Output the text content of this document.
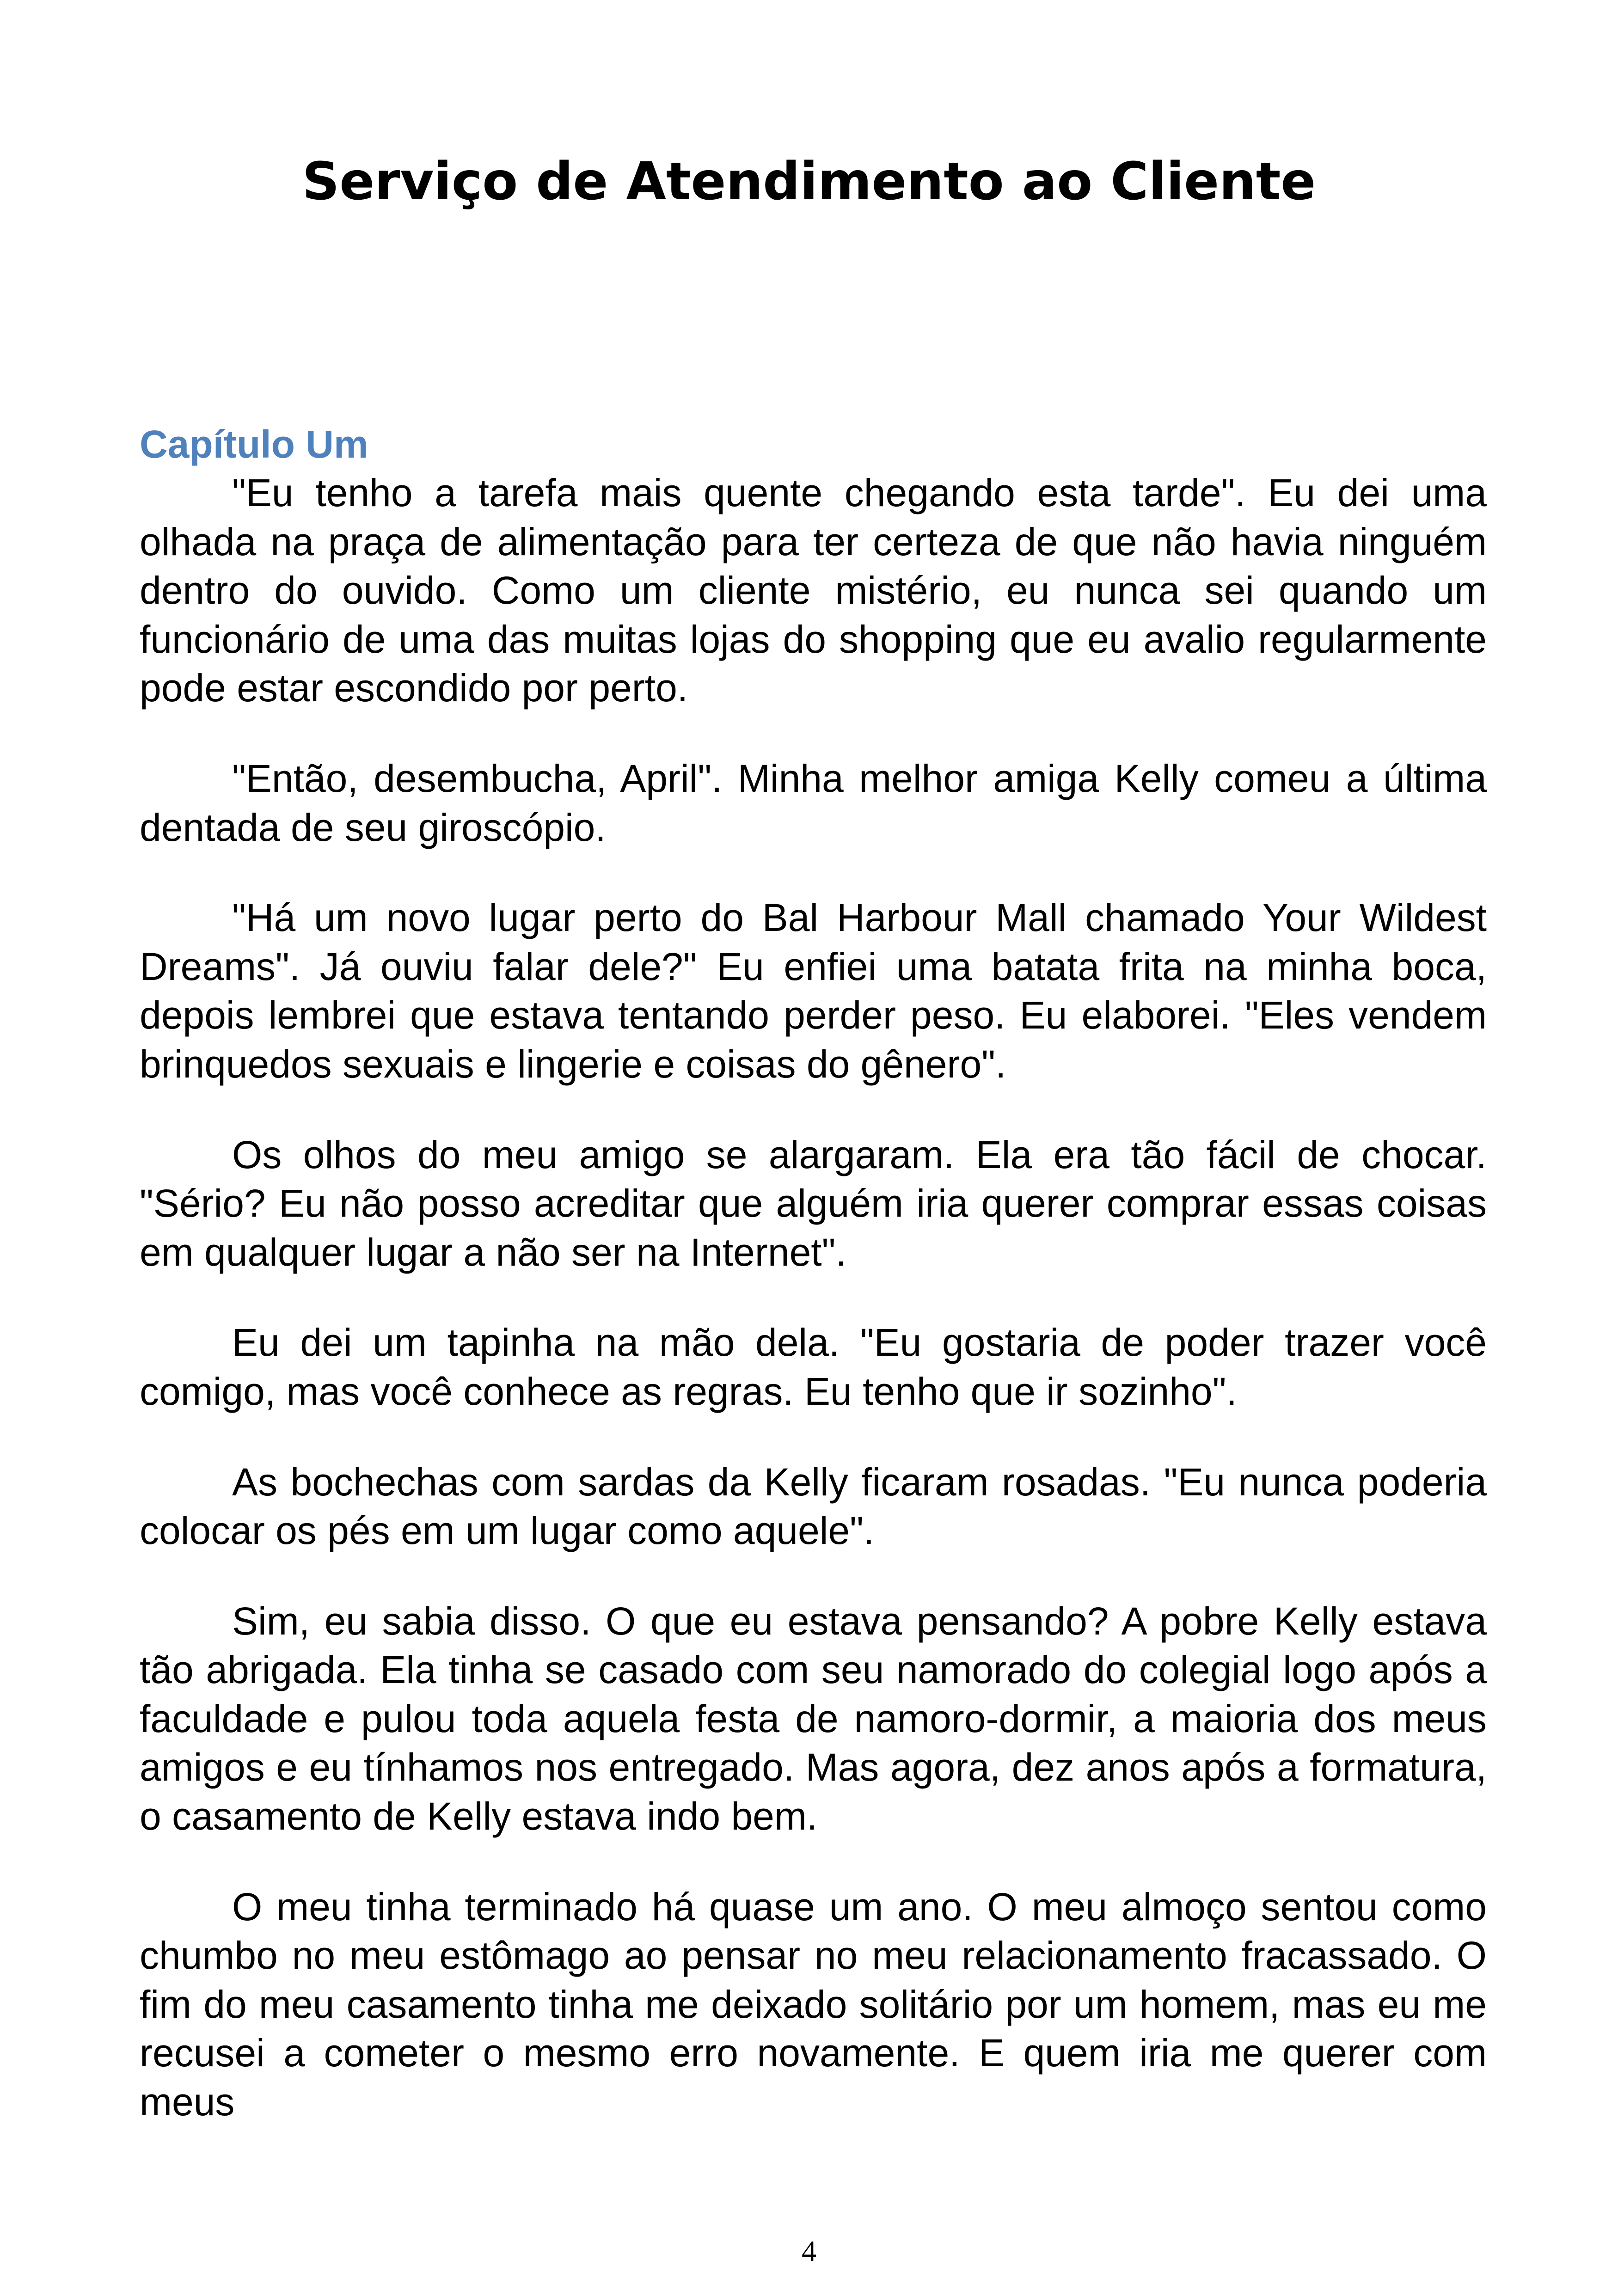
Serviço de Atendimento ao Cliente
Capítulo Um

"Eu tenho a tarefa mais quente chegando esta tarde". Eu dei uma olhada na praça de alimentação para ter certeza de que não havia ninguém dentro do ouvido. Como um cliente mistério, eu nunca sei quando um funcionário de uma das muitas lojas do shopping que eu avalio regularmente pode estar escondido por perto.

"Então, desembucha, April". Minha melhor amiga Kelly comeu a última dentada de seu giroscópio.

"Há um novo lugar perto do Bal Harbour Mall chamado Your Wildest Dreams". Já ouviu falar dele?" Eu enfiei uma batata frita na minha boca, depois lembrei que estava tentando perder peso. Eu elaborei. "Eles vendem brinquedos sexuais e lingerie e coisas do gênero".

Os olhos do meu amigo se alargaram. Ela era tão fácil de chocar. "Sério? Eu não posso acreditar que alguém iria querer comprar essas coisas em qualquer lugar a não ser na Internet".

Eu dei um tapinha na mão dela. "Eu gostaria de poder trazer você comigo, mas você conhece as regras. Eu tenho que ir sozinho".

As bochechas com sardas da Kelly ficaram rosadas. "Eu nunca poderia colocar os pés em um lugar como aquele".

Sim, eu sabia disso. O que eu estava pensando? A pobre Kelly estava tão abrigada. Ela tinha se casado com seu namorado do colegial logo após a faculdade e pulou toda aquela festa de namoro-dormir, a maioria dos meus amigos e eu tínhamos nos entregado. Mas agora, dez anos após a formatura, o casamento de Kelly estava indo bem.

O meu tinha terminado há quase um ano. O meu almoço sentou como chumbo no meu estômago ao pensar no meu relacionamento fracassado. O fim do meu casamento tinha me deixado solitário por um homem, mas eu me recusei a cometer o mesmo erro novamente. E quem iria me querer com meus

4
